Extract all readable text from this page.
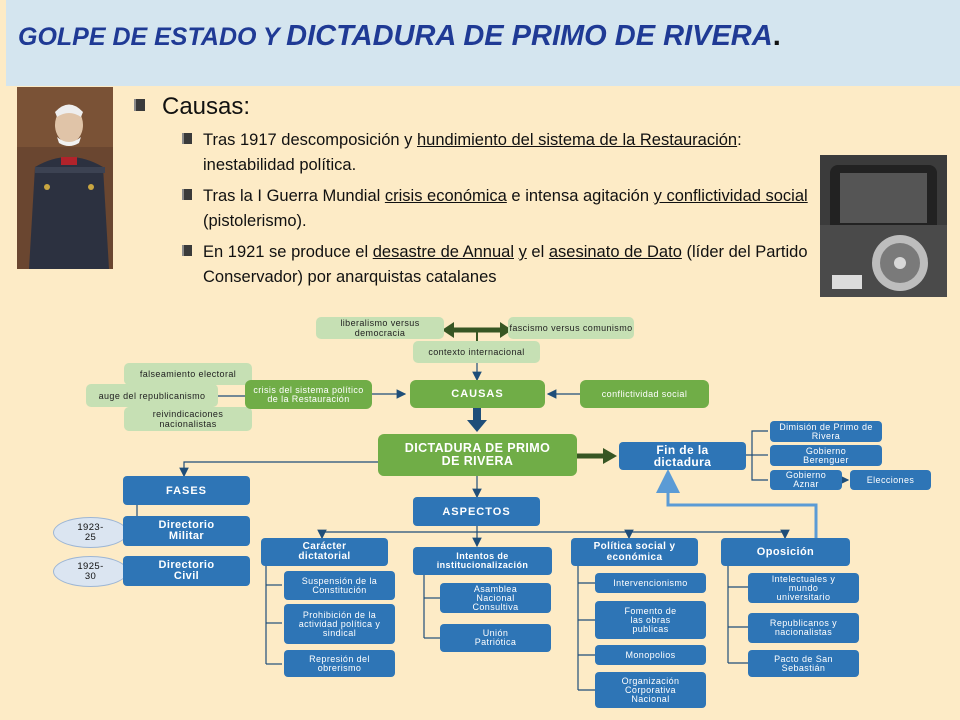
GOLPE DE ESTADO Y DICTADURA DE PRIMO DE RIVERA.
Causas:
Tras 1917 descomposición y hundimiento del sistema de la Restauración: inestabilidad política.
Tras la I Guerra Mundial crisis económica e intensa agitación y conflictividad social (pistolerismo).
En 1921 se produce el desastre de Annual y el asesinato de Dato (líder del Partido Conservador) por anarquistas catalanes
liberalismo versus democracia	fascismo versus comunismo
contexto internacional
falseamiento electoral
auge del republicanismo
reivindicaciones nacionalistas
crisis del sistema político de la Restauración	CAUSAS	conflictividad social
DICTADURA DE PRIMO DE RIVERA
Fin de la dictadura
Dimisión de Primo de Rivera
Gobierno Berenguer
Gobierno Aznar	Elecciones
FASES
1923-25
1925-30
Directorio Militar
Directorio Civil
ASPECTOS
Carácter dictatorial
Suspensión de la Constitución
Prohibición de la actividad política y sindical
Represión del obrerismo
Intentos de institucionalización
Asamblea Nacional Consultiva
Unión Patriótica
Política social y económica
Intervencionismo
Fomento de las obras publicas
Monopolios
Organización Corporativa Nacional
Oposición
Intelectuales y mundo universitario
Republicanos y nacionalistas
Pacto de San Sebastián
